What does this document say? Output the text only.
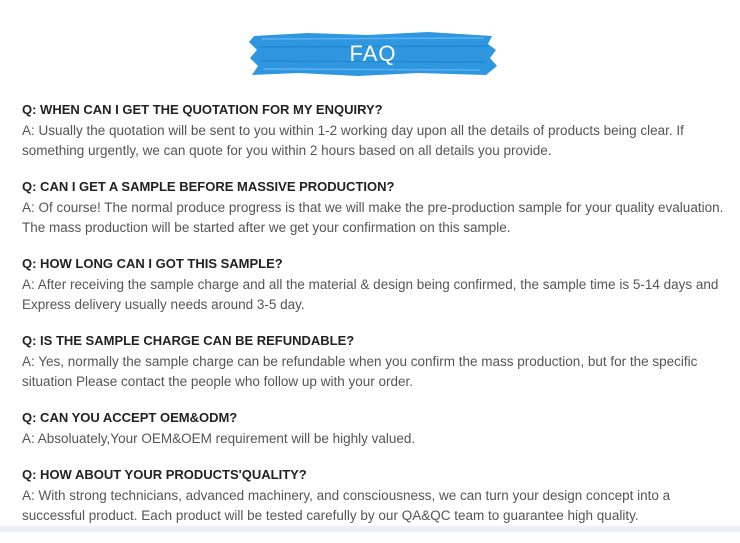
FAQ

Q: WHEN CAN I GET THE QUOTATION FOR MY ENQUIRY?

A: Usually the quotation will be sent to you within 1-2 working day upon all the details of products being clear. If something urgently, we can quote for you within 2 hours based on all details you provide.

Q: CAN I GET A SAMPLE BEFORE MASSIVE PRODUCTION?

A: Of course! The normal produce progress is that we will make the pre-production sample for your quality evaluation. The mass production will be started after we get your confirmation on this sample.

Q: HOW LONG CAN I GOT THIS SAMPLE?

A: After receiving the sample charge and all the material & design being confirmed, the sample time is 5-14 days and Express delivery usually needs around 3-5 day.

Q: IS THE SAMPLE CHARGE CAN BE REFUNDABLE?

A: Yes, normally the sample charge can be refundable when you confirm the mass production, but for the specific situation Please contact the people who follow up with your order.

Q: CAN YOU ACCEPT OEM&ODM?

A: Absoluately,Your OEM&OEM requirement will be highly valued.

Q: HOW ABOUT YOUR PRODUCTS'QUALITY?

A: With strong technicians, advanced machinery, and consciousness, we can turn your design concept into a successful product. Each product will be tested carefully by our QA&QC team to guarantee high quality.
